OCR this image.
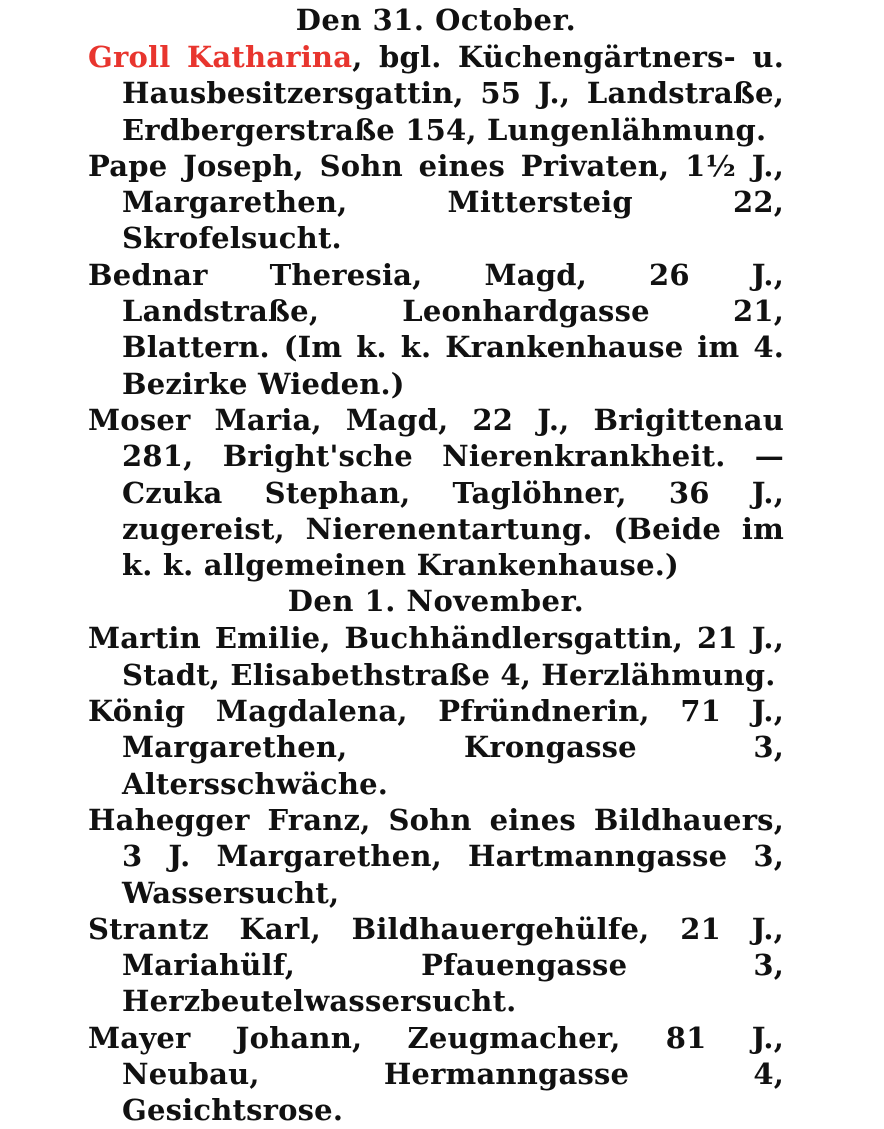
Den 31. October.

Groll Katharina, bgl. Küchengärtners- u. Hausbesitzersgattin, 55 J., Landstraße, Erdbergerstraße 154, Lungenlähmung.

Pape Joseph, Sohn eines Privaten, 1½ J., Margarethen, Mittersteig 22, Skrofelsucht.

Bednar Theresia, Magd, 26 J., Landstraße, Leonhardgasse 21, Blattern. (Im k. k. Krankenhause im 4. Bezirke Wieden.)

Moser Maria, Magd, 22 J., Brigittenau 281, Bright'sche Nierenkrankheit. — Czuka Stephan, Taglöhner, 36 J., zugereist, Nierenentartung. (Beide im k. k. allgemeinen Krankenhause.)

Den 1. November.

Martin Emilie, Buchhändlersgattin, 21 J., Stadt, Elisabethstraße 4, Herzlähmung.

König Magdalena, Pfründnerin, 71 J., Margarethen, Krongasse 3, Altersschwäche.

Hahegger Franz, Sohn eines Bildhauers, 3 J. Margarethen, Hartmanngasse 3, Wassersucht,

Strantz Karl, Bildhauergehülfe, 21 J., Mariahülf, Pfauengasse 3, Herzbeutelwassersucht.

Mayer Johann, Zeugmacher, 81 J., Neubau, Hermanngasse 4, Gesichtsrose.
